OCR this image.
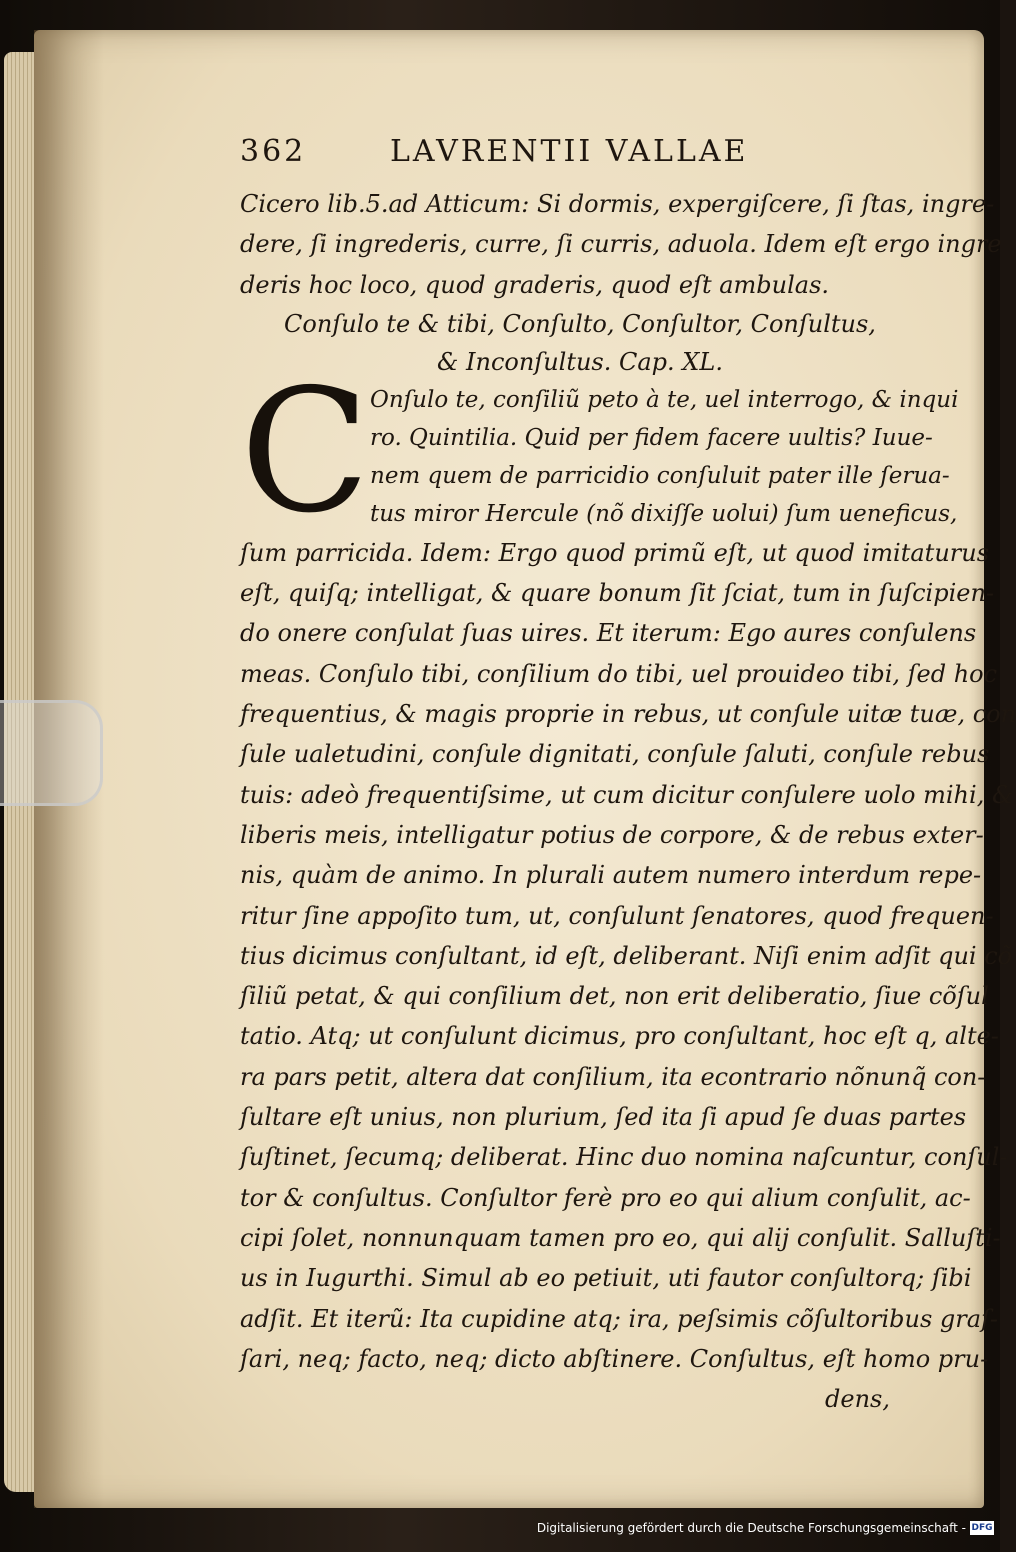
362	LAVRENTII VALLAE
Cicero lib.5.ad Atticum: Si dormis, expergiſcere, ſi ſtas, ingre-
dere, ſi ingrederis, curre, ſi curris, aduola. Idem eſt ergo ingre
deris hoc loco, quod graderis, quod eſt ambulas.
Conſulo te & tibi, Conſulto, Conſultor, Conſultus,
& Inconſultus. Cap. XL.
C Onſulo te, conſiliũ peto à te, uel interrogo, & inqui
ro. Quintilia. Quid per fidem facere uultis? Iuue-
nem quem de parricidio conſuluit pater ille ſerua-
tus miror Hercule (nõ dixiſſe uolui) ſum ueneficus,
ſum parricida. Idem: Ergo quod primũ eſt, ut quod imitaturus
eſt, quiſq; intelligat, & quare bonum ſit ſciat, tum in ſuſcipien-
do onere conſulat ſuas uires. Et iterum: Ego aures conſulens
meas. Conſulo tibi, conſilium do tibi, uel prouideo tibi, ſed hoc
frequentius, & magis proprie in rebus, ut conſule uitæ tuæ, con
ſule ualetudini, conſule dignitati, conſule ſaluti, conſule rebus
tuis: adeò frequentiſsime, ut cum dicitur conſulere uolo mihi, &
liberis meis, intelligatur potius de corpore, & de rebus exter-
nis, quàm de animo. In plurali autem numero interdum repe-
ritur ſine appoſito tum, ut, conſulunt ſenatores, quod frequen-
tius dicimus conſultant, id eſt, deliberant. Niſi enim adſit qui cõ
ſiliũ petat, & qui conſilium det, non erit deliberatio, ſiue cõſul
tatio. Atq; ut conſulunt dicimus, pro conſultant, hoc eſt q, alte-
ra pars petit, altera dat conſilium, ita econtrario nõnunq̃ con-
ſultare eſt unius, non plurium, ſed ita ſi apud ſe duas partes
ſuſtinet, ſecumq; deliberat. Hinc duo nomina naſcuntur, conſul-
tor & conſultus. Conſultor ferè pro eo qui alium conſulit, ac-
cipi ſolet, nonnunquam tamen pro eo, qui alij conſulit. Salluſti-
us in Iugurthi. Simul ab eo petiuit, uti fautor conſultorq; ſibi
adſit. Et iterũ: Ita cupidine atq; ira, peſsimis cõſultoribus graſ-
ſari, neq; facto, neq; dicto abſtinere. Conſultus, eſt homo pru-
dens,
Digitalisierung gefördert durch die Deutsche Forschungsgemeinschaft - DFG
